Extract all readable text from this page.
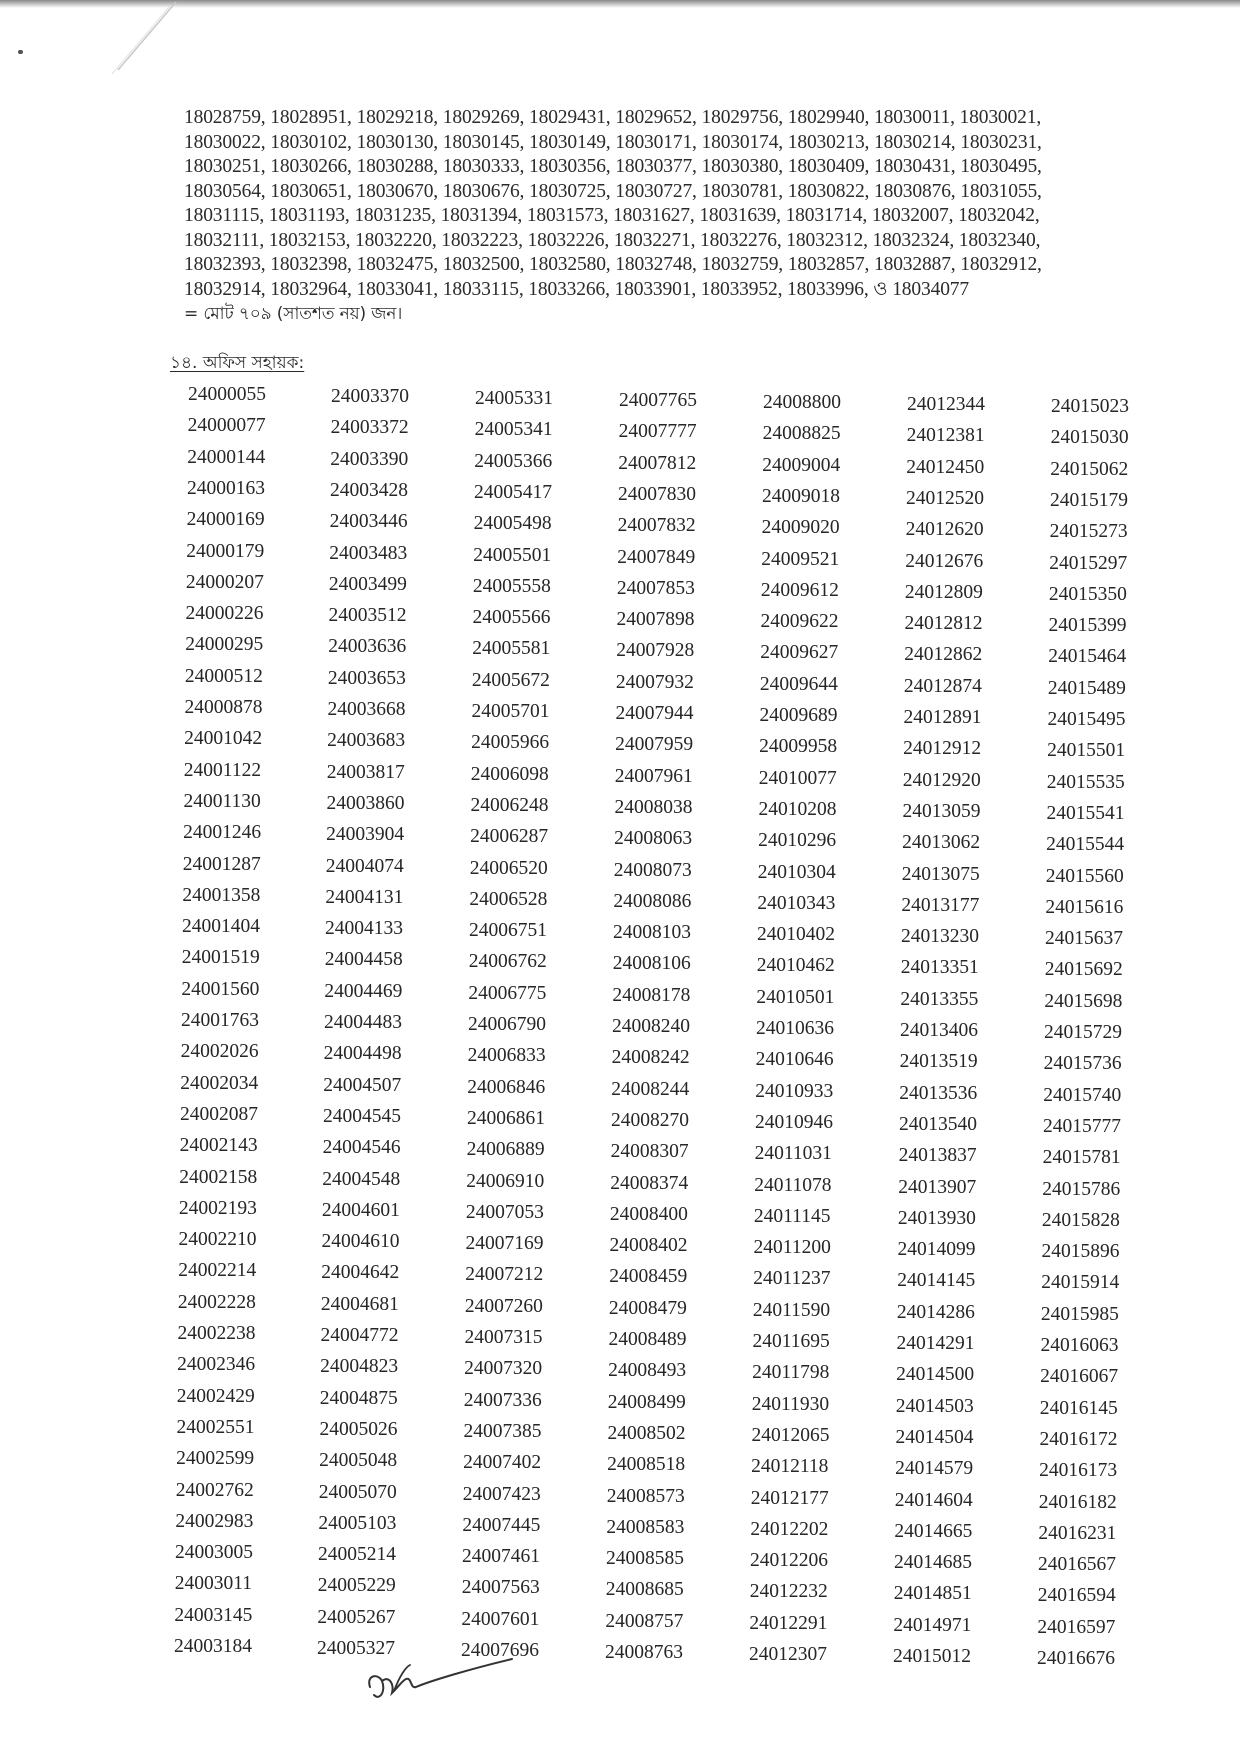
18028759, 18028951, 18029218, 18029269, 18029431, 18029652, 18029756, 18029940, 18030011, 18030021,
18030022, 18030102, 18030130, 18030145, 18030149, 18030171, 18030174, 18030213, 18030214, 18030231,
18030251, 18030266, 18030288, 18030333, 18030356, 18030377, 18030380, 18030409, 18030431, 18030495,
18030564, 18030651, 18030670, 18030676, 18030725, 18030727, 18030781, 18030822, 18030876, 18031055,
18031115, 18031193, 18031235, 18031394, 18031573, 18031627, 18031639, 18031714, 18032007, 18032042,
18032111, 18032153, 18032220, 18032223, 18032226, 18032271, 18032276, 18032312, 18032324, 18032340,
18032393, 18032398, 18032475, 18032500, 18032580, 18032748, 18032759, 18032857, 18032887, 18032912,
18032914, 18032964, 18033041, 18033115, 18033266, 18033901, 18033952, 18033996, ও 18034077
= মোট ৭০৯ (সাতশত নয়) জন।
১৪. অফিস সহায়ক:
24000055
24000077
24000144
24000163
24000169
24000179
24000207
24000226
24000295
24000512
24000878
24001042
24001122
24001130
24001246
24001287
24001358
24001404
24001519
24001560
24001763
24002026
24002034
24002087
24002143
24002158
24002193
24002210
24002214
24002228
24002238
24002346
24002429
24002551
24002599
24002762
24002983
24003005
24003011
24003145
24003184
24003370
24003372
24003390
24003428
24003446
24003483
24003499
24003512
24003636
24003653
24003668
24003683
24003817
24003860
24003904
24004074
24004131
24004133
24004458
24004469
24004483
24004498
24004507
24004545
24004546
24004548
24004601
24004610
24004642
24004681
24004772
24004823
24004875
24005026
24005048
24005070
24005103
24005214
24005229
24005267
24005327
24005331
24005341
24005366
24005417
24005498
24005501
24005558
24005566
24005581
24005672
24005701
24005966
24006098
24006248
24006287
24006520
24006528
24006751
24006762
24006775
24006790
24006833
24006846
24006861
24006889
24006910
24007053
24007169
24007212
24007260
24007315
24007320
24007336
24007385
24007402
24007423
24007445
24007461
24007563
24007601
24007696
24007765
24007777
24007812
24007830
24007832
24007849
24007853
24007898
24007928
24007932
24007944
24007959
24007961
24008038
24008063
24008073
24008086
24008103
24008106
24008178
24008240
24008242
24008244
24008270
24008307
24008374
24008400
24008402
24008459
24008479
24008489
24008493
24008499
24008502
24008518
24008573
24008583
24008585
24008685
24008757
24008763
24008800
24008825
24009004
24009018
24009020
24009521
24009612
24009622
24009627
24009644
24009689
24009958
24010077
24010208
24010296
24010304
24010343
24010402
24010462
24010501
24010636
24010646
24010933
24010946
24011031
24011078
24011145
24011200
24011237
24011590
24011695
24011798
24011930
24012065
24012118
24012177
24012202
24012206
24012232
24012291
24012307
24012344
24012381
24012450
24012520
24012620
24012676
24012809
24012812
24012862
24012874
24012891
24012912
24012920
24013059
24013062
24013075
24013177
24013230
24013351
24013355
24013406
24013519
24013536
24013540
24013837
24013907
24013930
24014099
24014145
24014286
24014291
24014500
24014503
24014504
24014579
24014604
24014665
24014685
24014851
24014971
24015012
24015023
24015030
24015062
24015179
24015273
24015297
24015350
24015399
24015464
24015489
24015495
24015501
24015535
24015541
24015544
24015560
24015616
24015637
24015692
24015698
24015729
24015736
24015740
24015777
24015781
24015786
24015828
24015896
24015914
24015985
24016063
24016067
24016145
24016172
24016173
24016182
24016231
24016567
24016594
24016597
24016676
